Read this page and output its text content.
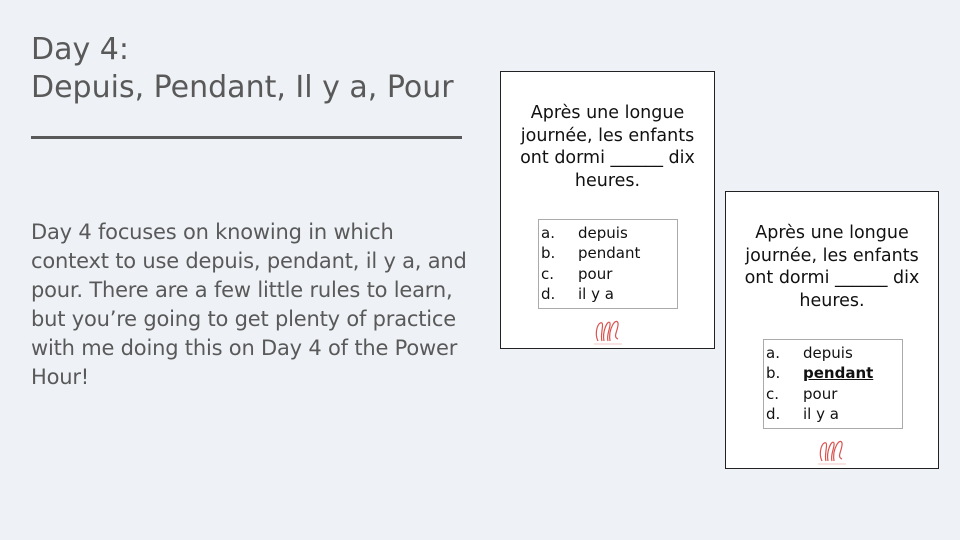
Day 4:
Depuis, Pendant, Il y a, Pour

Day 4 focuses on knowing in which context to use depuis, pendant, il y a, and pour. There are a few little rules to learn, but you’re going to get plenty of practice with me doing this on Day 4 of the Power Hour!

Après une longue journée, les enfants ont dormi ______ dix heures.

a. depuis
b. pendant
c. pour
d. il y a

Après une longue journée, les enfants ont dormi ______ dix heures.

a. depuis
b. pendant
c. pour
d. il y a
